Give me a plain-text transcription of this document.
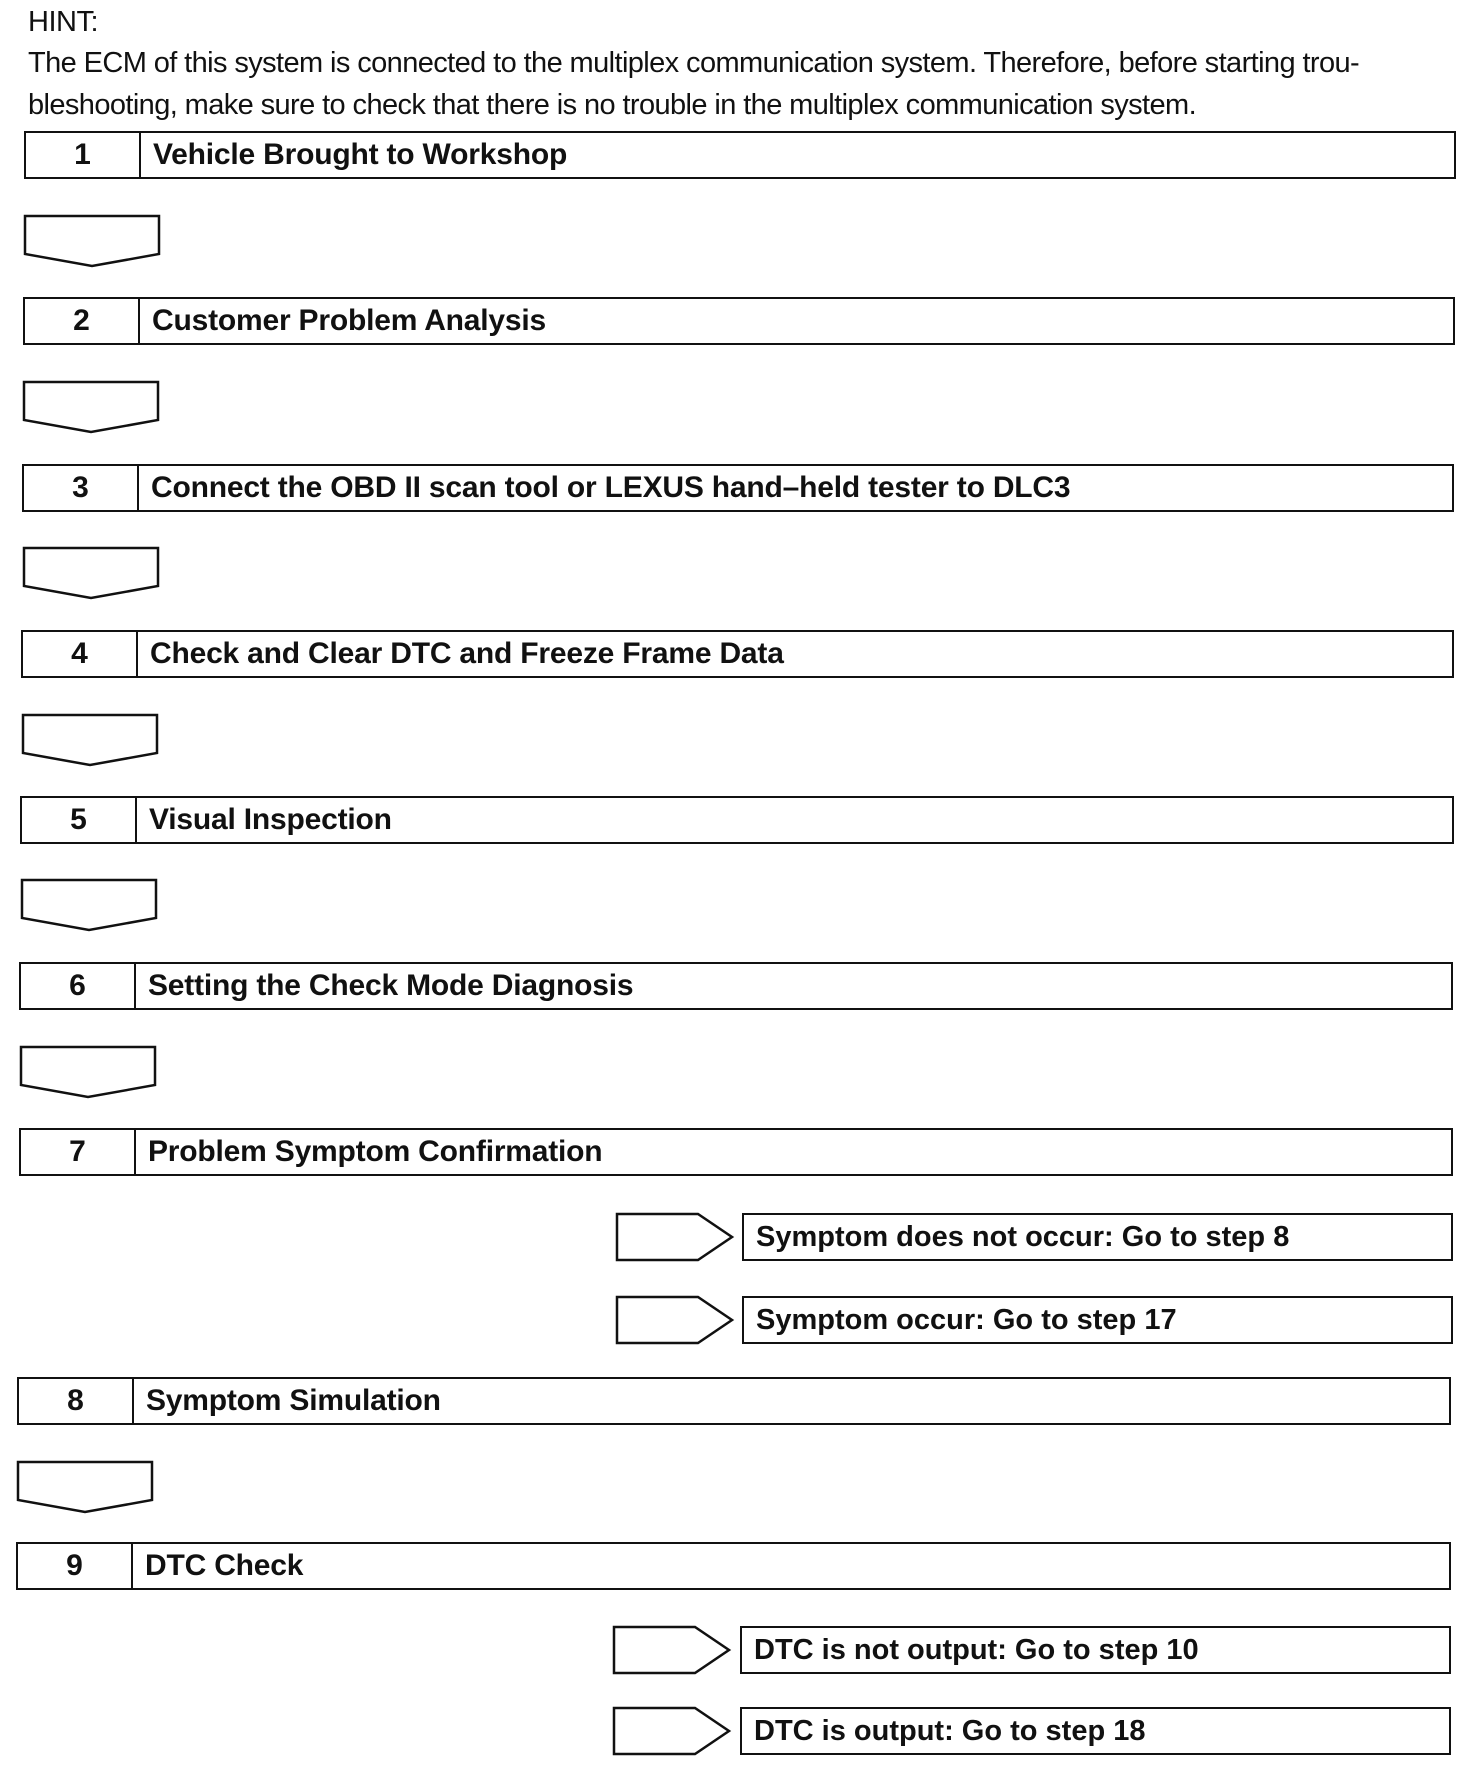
HINT:
The ECM of this system is connected to the multiplex communication system. Therefore, before starting trou-bleshooting, make sure to check that there is no trouble in the multiplex communication system.
1	Vehicle Brought to Workshop
2	Customer Problem Analysis
3	Connect the OBD II scan tool or LEXUS hand–held tester to DLC3
4	Check and Clear DTC and Freeze Frame Data
5	Visual Inspection
6	Setting the Check Mode Diagnosis
7	Problem Symptom Confirmation
Symptom does not occur: Go to step 8
Symptom occur: Go to step 17
8	Symptom Simulation
9	DTC Check
DTC is not output: Go to step 10
DTC is output: Go to step 18
